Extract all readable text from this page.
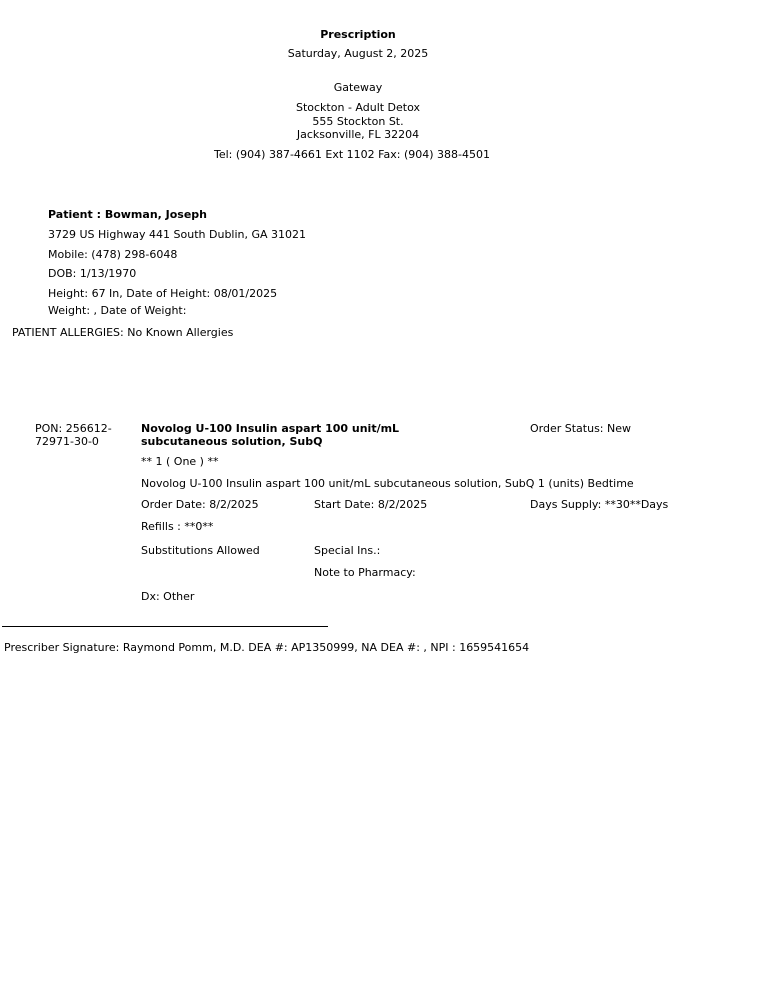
Prescription
Saturday, August 2, 2025
Gateway
Stockton - Adult Detox
555 Stockton St.
Jacksonville, FL 32204
Tel: (904) 387-4661 Ext 1102 Fax: (904) 388-4501
Patient : Bowman, Joseph
3729 US Highway 441 South Dublin, GA 31021
Mobile: (478) 298-6048
DOB: 1/13/1970
Height: 67 In, Date of Height: 08/01/2025
Weight: , Date of Weight:
PATIENT ALLERGIES: No Known Allergies
PON: 256612-
72971-30-0
Novolog U-100 Insulin aspart 100 unit/mL
subcutaneous solution, SubQ
Order Status: New
** 1 ( One ) **
Novolog U-100 Insulin aspart 100 unit/mL subcutaneous solution, SubQ 1 (units) Bedtime
Order Date: 8/2/2025	Start Date: 8/2/2025	Days Supply: **30**Days
Refills : **0**
Substitutions Allowed	Special Ins.:
Note to Pharmacy:
Dx: Other
Prescriber Signature: Raymond Pomm, M.D. DEA #: AP1350999, NA DEA #: , NPI : 1659541654
